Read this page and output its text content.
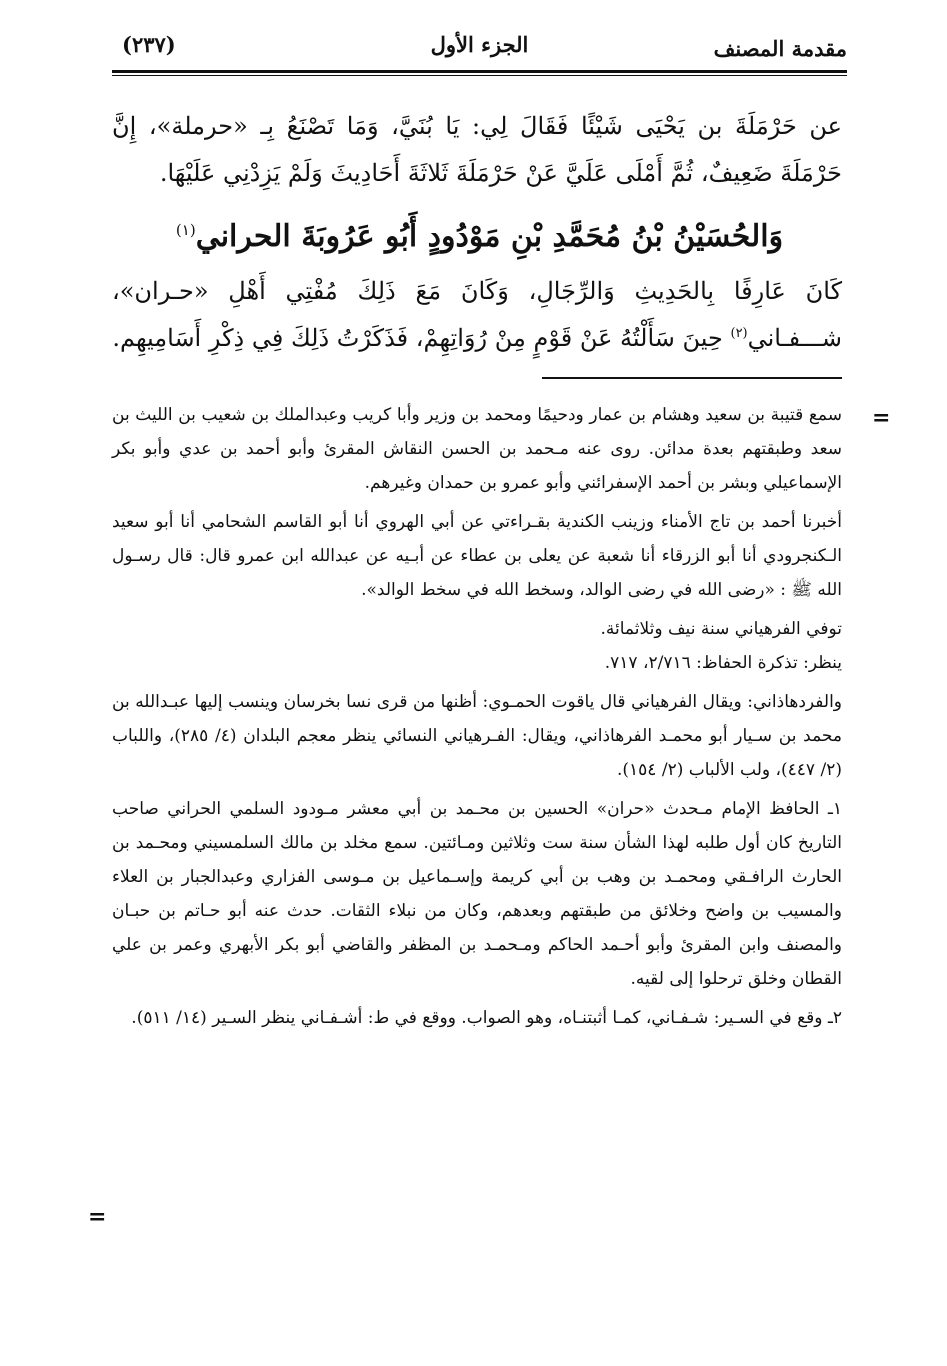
مقدمة المصنف
الجزء الأول
(٢٣٧)
عن حَرْمَلَةَ بن يَحْيَى شَيْئًا فَقَالَ لِي: يَا بُنَيَّ، وَمَا تَصْنَعُ بِـ «حرملة»، إِنَّ حَرْمَلَةَ ضَعِيفٌ، ثُمَّ أَمْلَى عَلَيَّ عَنْ حَرْمَلَةَ ثَلاثَةَ أَحَادِيثَ وَلَمْ يَزِدْنِي عَلَيْهَا.
وَالحُسَيْنُ بْنُ مُحَمَّدِ بْنِ مَوْدُودٍ أَبُو عَرُوبَةَ الحراني$^{(١)}$
كَانَ عَارِفًا بِالحَدِيثِ وَالرِّجَالِ، وَكَانَ مَعَ ذَلِكَ مُفْتِي أَهْلِ «حـران»، شـــفـاني$^{(٢)}$ حِينَ سَأَلْتُهُ عَنْ قَوْمٍ مِنْ رُوَاتِهِمْ، فَذَكَرْتُ ذَلِكَ فِي ذِكْرِ أَسَامِيهِم.
=

سمع قتيبة بن سعيد وهشام بن عمار ودحيمًا ومحمد بن وزير وأبا كريب وعبدالملك بن شعيب بن الليث بن سعد وطبقتهم بعدة مدائن. روى عنه مـحمد بن الحسن النقاش المقرئ وأبو أحمد بن عدي وأبو بكر الإسماعيلي وبشر بن أحمد الإسفرائني وأبو عمرو بن حمدان وغيرهم.

أخبرنا أحمد بن تاج الأمناء وزينب الكندية بقـراءتي عن أبي الهروي أنا أبو القاسم الشحامي أنا أبو سعيد الـكنجرودي أنا أبو الزرقاء أنا شعبة عن يعلى بن عطاء عن أبـيه عن عبدالله ابن عمرو قال: قال رسـول الله ﷺ : «رضى الله في رضى الوالد، وسخط الله في سخط الوالد».

توفي الفرهياني سنة نيف وثلاثمائة.

ينظر: تذكرة الحفاظ: ٢/٧١٦، ٧١٧.

والفردهاذاني: ويقال الفرهياني قال ياقوت الحمـوي: أظنها من قرى نسا بخرسان وينسب إليها عبـدالله بن محمد بن سـيار أبو محمـد الفرهاذاني، ويقال: الفـرهياني النسائي ينظر معجم البلدان (٤/ ٢٨٥)، واللباب (٢/ ٤٤٧)، ولب الألباب (٢/ ١٥٤).

١ـ الحافظ الإمام مـحدث «حران» الحسين بن محـمد بن أبي معشر مـودود السلمي الحراني صاحب التاريخ كان أول طلبه لهذا الشأن سنة ست وثلاثين ومـائتين. سمع مخلد بن مالك السلمسيني ومحـمد بن الحارث الرافـقي ومحمـد بن وهب بن أبي كريمة وإسـماعيل بن مـوسى الفزاري وعبدالجبار بن العلاء والمسيب بن واضح وخلائق من طبقتهم وبعدهم، وكان من نبلاء الثقات. حدث عنه أبو حـاتم بن حبـان والمصنف وابن المقرئ وأبو أحـمد الحاكم ومـحمـد بن المظفر والقاضي أبو بكر الأبهري وعمر بن علي القطان وخلق ترحلوا إلى لقيه.

٢ـ وقع في السـير: شـفـاني، كمـا أثبتنـاه، وهو الصواب. ووقع في ط: أشـفـاني ينظر السـير (١٤/ ٥١١).

=
